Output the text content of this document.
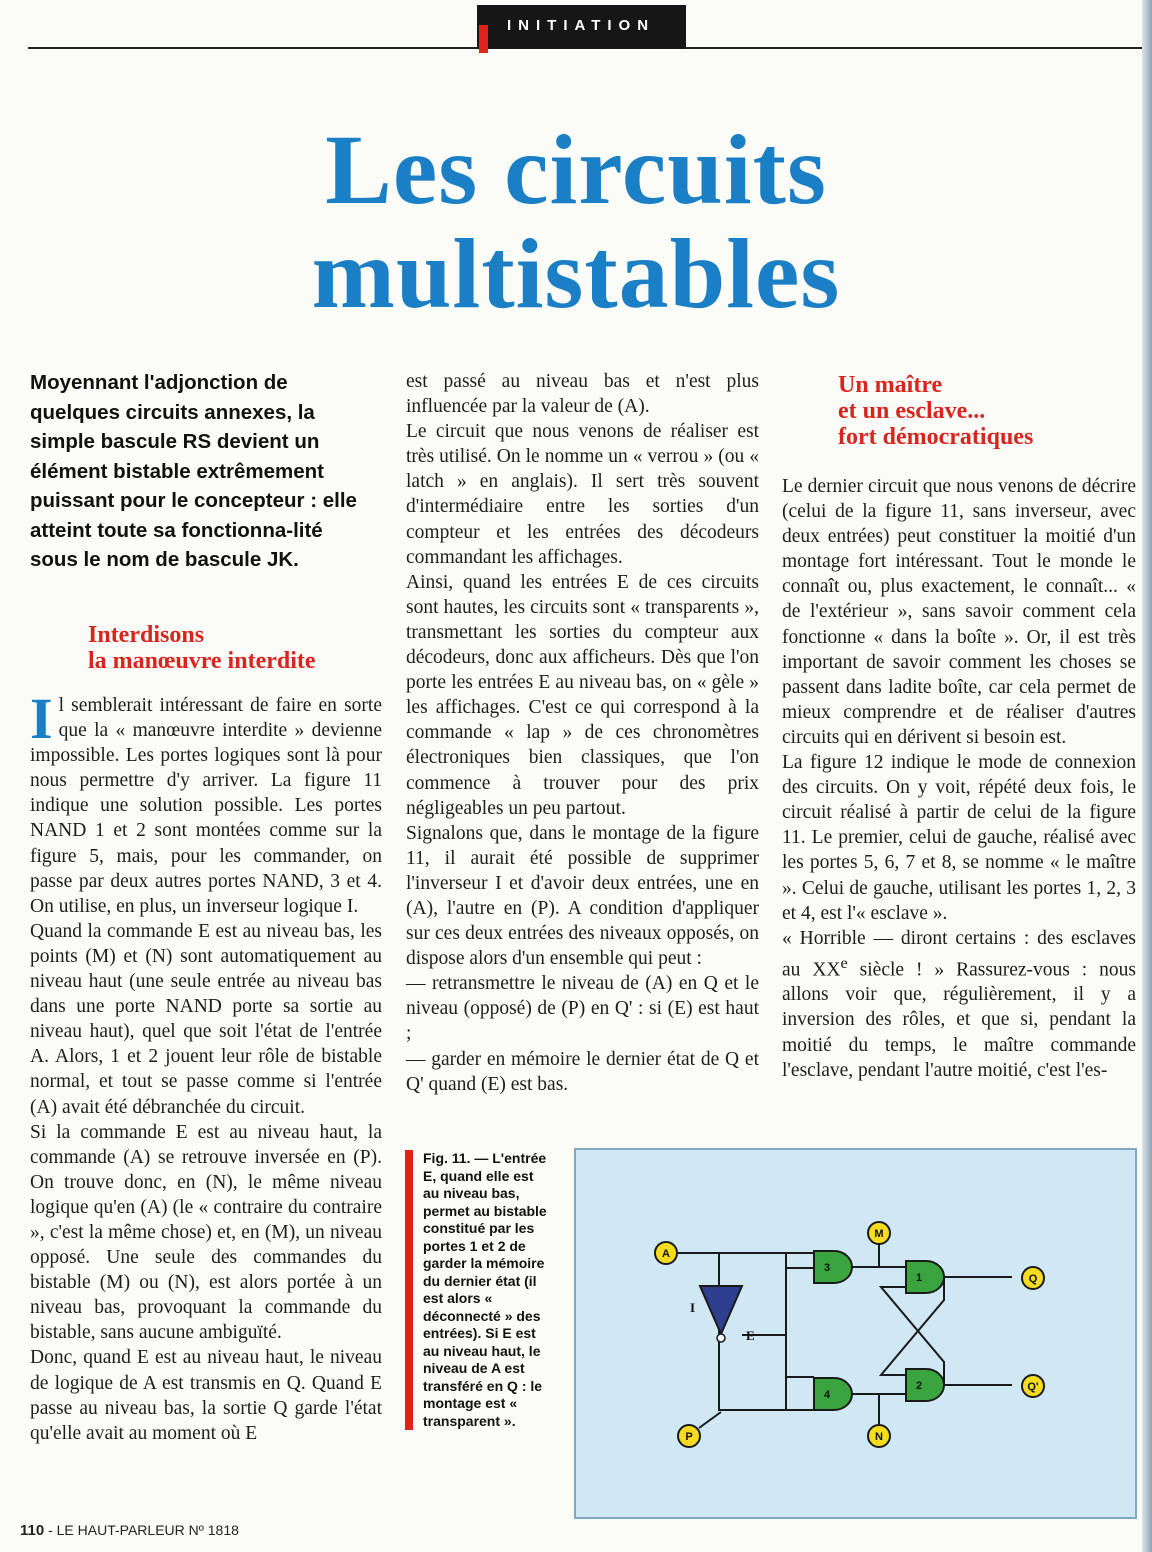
INITIATION
Les circuits
multistables
Moyennant l'adjonction de quelques circuits annexes, la simple bascule RS devient un élément bistable extrêmement puissant pour le concepteur : elle atteint toute sa fonctionna-lité sous le nom de bascule JK.
Interdisons
la manœuvre interdite

Il semblerait intéressant de faire en sorte que la « manœuvre interdite » devienne impossible. Les portes logiques sont là pour nous permettre d'y arriver. La figure 11 indique une solution possible. Les portes NAND 1 et 2 sont montées comme sur la figure 5, mais, pour les commander, on passe par deux autres portes NAND, 3 et 4. On utilise, en plus, un inverseur logique I.

Quand la commande E est au niveau bas, les points (M) et (N) sont automatiquement au niveau haut (une seule entrée au niveau bas dans une porte NAND porte sa sortie au niveau haut), quel que soit l'état de l'entrée A. Alors, 1 et 2 jouent leur rôle de bistable normal, et tout se passe comme si l'entrée (A) avait été débranchée du circuit.

Si la commande E est au niveau haut, la commande (A) se retrouve inversée en (P). On trouve donc, en (N), le même niveau logique qu'en (A) (le « contraire du contraire », c'est la même chose) et, en (M), un niveau opposé. Une seule des commandes du bistable (M) ou (N), est alors portée à un niveau bas, provoquant la commande du bistable, sans aucune ambiguïté.

Donc, quand E est au niveau haut, le niveau de logique de A est transmis en Q. Quand E passe au niveau bas, la sortie Q garde l'état qu'elle avait au moment où E

est passé au niveau bas et n'est plus influencée par la valeur de (A).

Le circuit que nous venons de réaliser est très utilisé. On le nomme un « verrou » (ou « latch » en anglais). Il sert très souvent d'intermédiaire entre les sorties d'un compteur et les entrées des décodeurs commandant les affichages.

Ainsi, quand les entrées E de ces circuits sont hautes, les circuits sont « transparents », transmettant les sorties du compteur aux décodeurs, donc aux afficheurs. Dès que l'on porte les entrées E au niveau bas, on « gèle » les affichages. C'est ce qui correspond à la commande « lap » de ces chronomètres électroniques bien classiques, que l'on commence à trouver pour des prix négligeables un peu partout.

Signalons que, dans le montage de la figure 11, il aurait été possible de supprimer l'inverseur I et d'avoir deux entrées, une en (A), l'autre en (P). A condition d'appliquer sur ces deux entrées des niveaux opposés, on dispose alors d'un ensemble qui peut :

— retransmettre le niveau de (A) en Q et le niveau (opposé) de (P) en Q' : si (E) est haut ;

— garder en mémoire le dernier état de Q et Q' quand (E) est bas.

Un maître
et un esclave...
fort démocratiques

Le dernier circuit que nous venons de décrire (celui de la figure 11, sans inverseur, avec deux entrées) peut constituer la moitié d'un montage fort intéressant. Tout le monde le connaît ou, plus exactement, le connaît... « de l'extérieur », sans savoir comment cela fonctionne « dans la boîte ». Or, il est très important de savoir comment les choses se passent dans ladite boîte, car cela permet de mieux comprendre et de réaliser d'autres circuits qui en dérivent si besoin est.

La figure 12 indique le mode de connexion des circuits. On y voit, répété deux fois, le circuit réalisé à partir de celui de la figure 11. Le premier, celui de gauche, réalisé avec les portes 5, 6, 7 et 8, se nomme « le maître ». Celui de gauche, utilisant les portes 1, 2, 3 et 4, est l'« esclave ».

« Horrible — diront certains : des esclaves au XXe siècle ! » Rassurez-vous : nous allons voir que, régulièrement, il y a inversion des rôles, et que si, pendant la moitié du temps, le maître commande l'esclave, pendant l'autre moitié, c'est l'es-

Fig. 11. — L'entrée E, quand elle est au niveau bas, permet au bistable constitué par les portes 1 et 2 de garder la mémoire du dernier état (il est alors « déconnecté » des entrées). Si E est au niveau haut, le niveau de A est transféré en Q : le montage est « transparent ».
A
M
N
P
Q
Q'
3
4
1
2
I
E
110 - LE HAUT-PARLEUR Nº 1818
